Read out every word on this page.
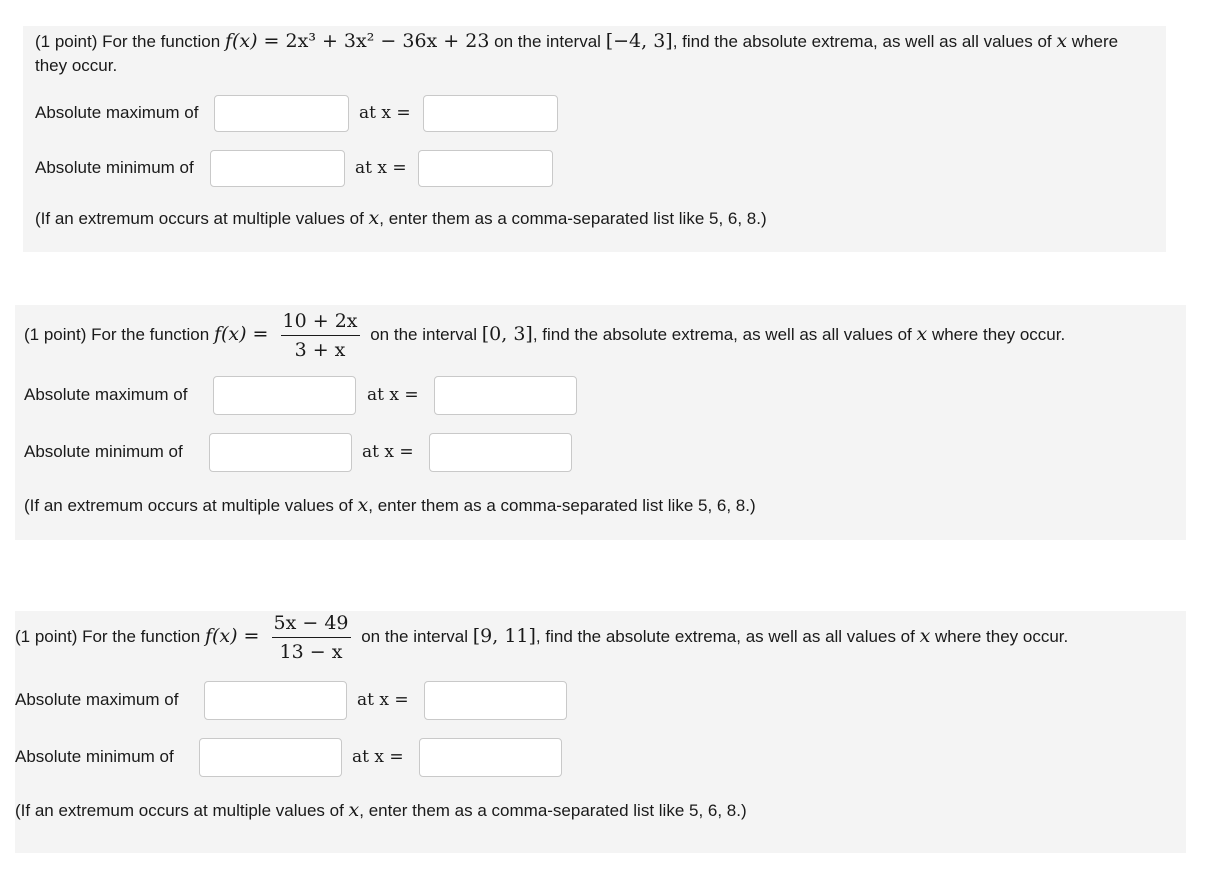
(1 point) For the function f(x) = 2x³ + 3x² − 36x + 23 on the interval [−4, 3], find the absolute extrema, as well as all values of x where
they occur.
Absolute maximum of	at x =
Absolute minimum of	at x =
(If an extremum occurs at multiple values of x, enter them as a comma-separated list like 5, 6, 8.)
(1 point) For the function $f(x) = \frac{10 + 2x}{3 + x}$ on the interval [0, 3], find the absolute extrema, as well as all values of x where they occur.
Absolute maximum of	at x =
Absolute minimum of	at x =
(If an extremum occurs at multiple values of x, enter them as a comma-separated list like 5, 6, 8.)
(1 point) For the function $f(x) = \frac{5x - 49}{13 - x}$ on the interval [9, 11], find the absolute extrema, as well as all values of x where they occur.
Absolute maximum of	at x =
Absolute minimum of	at x =
(If an extremum occurs at multiple values of x, enter them as a comma-separated list like 5, 6, 8.)
